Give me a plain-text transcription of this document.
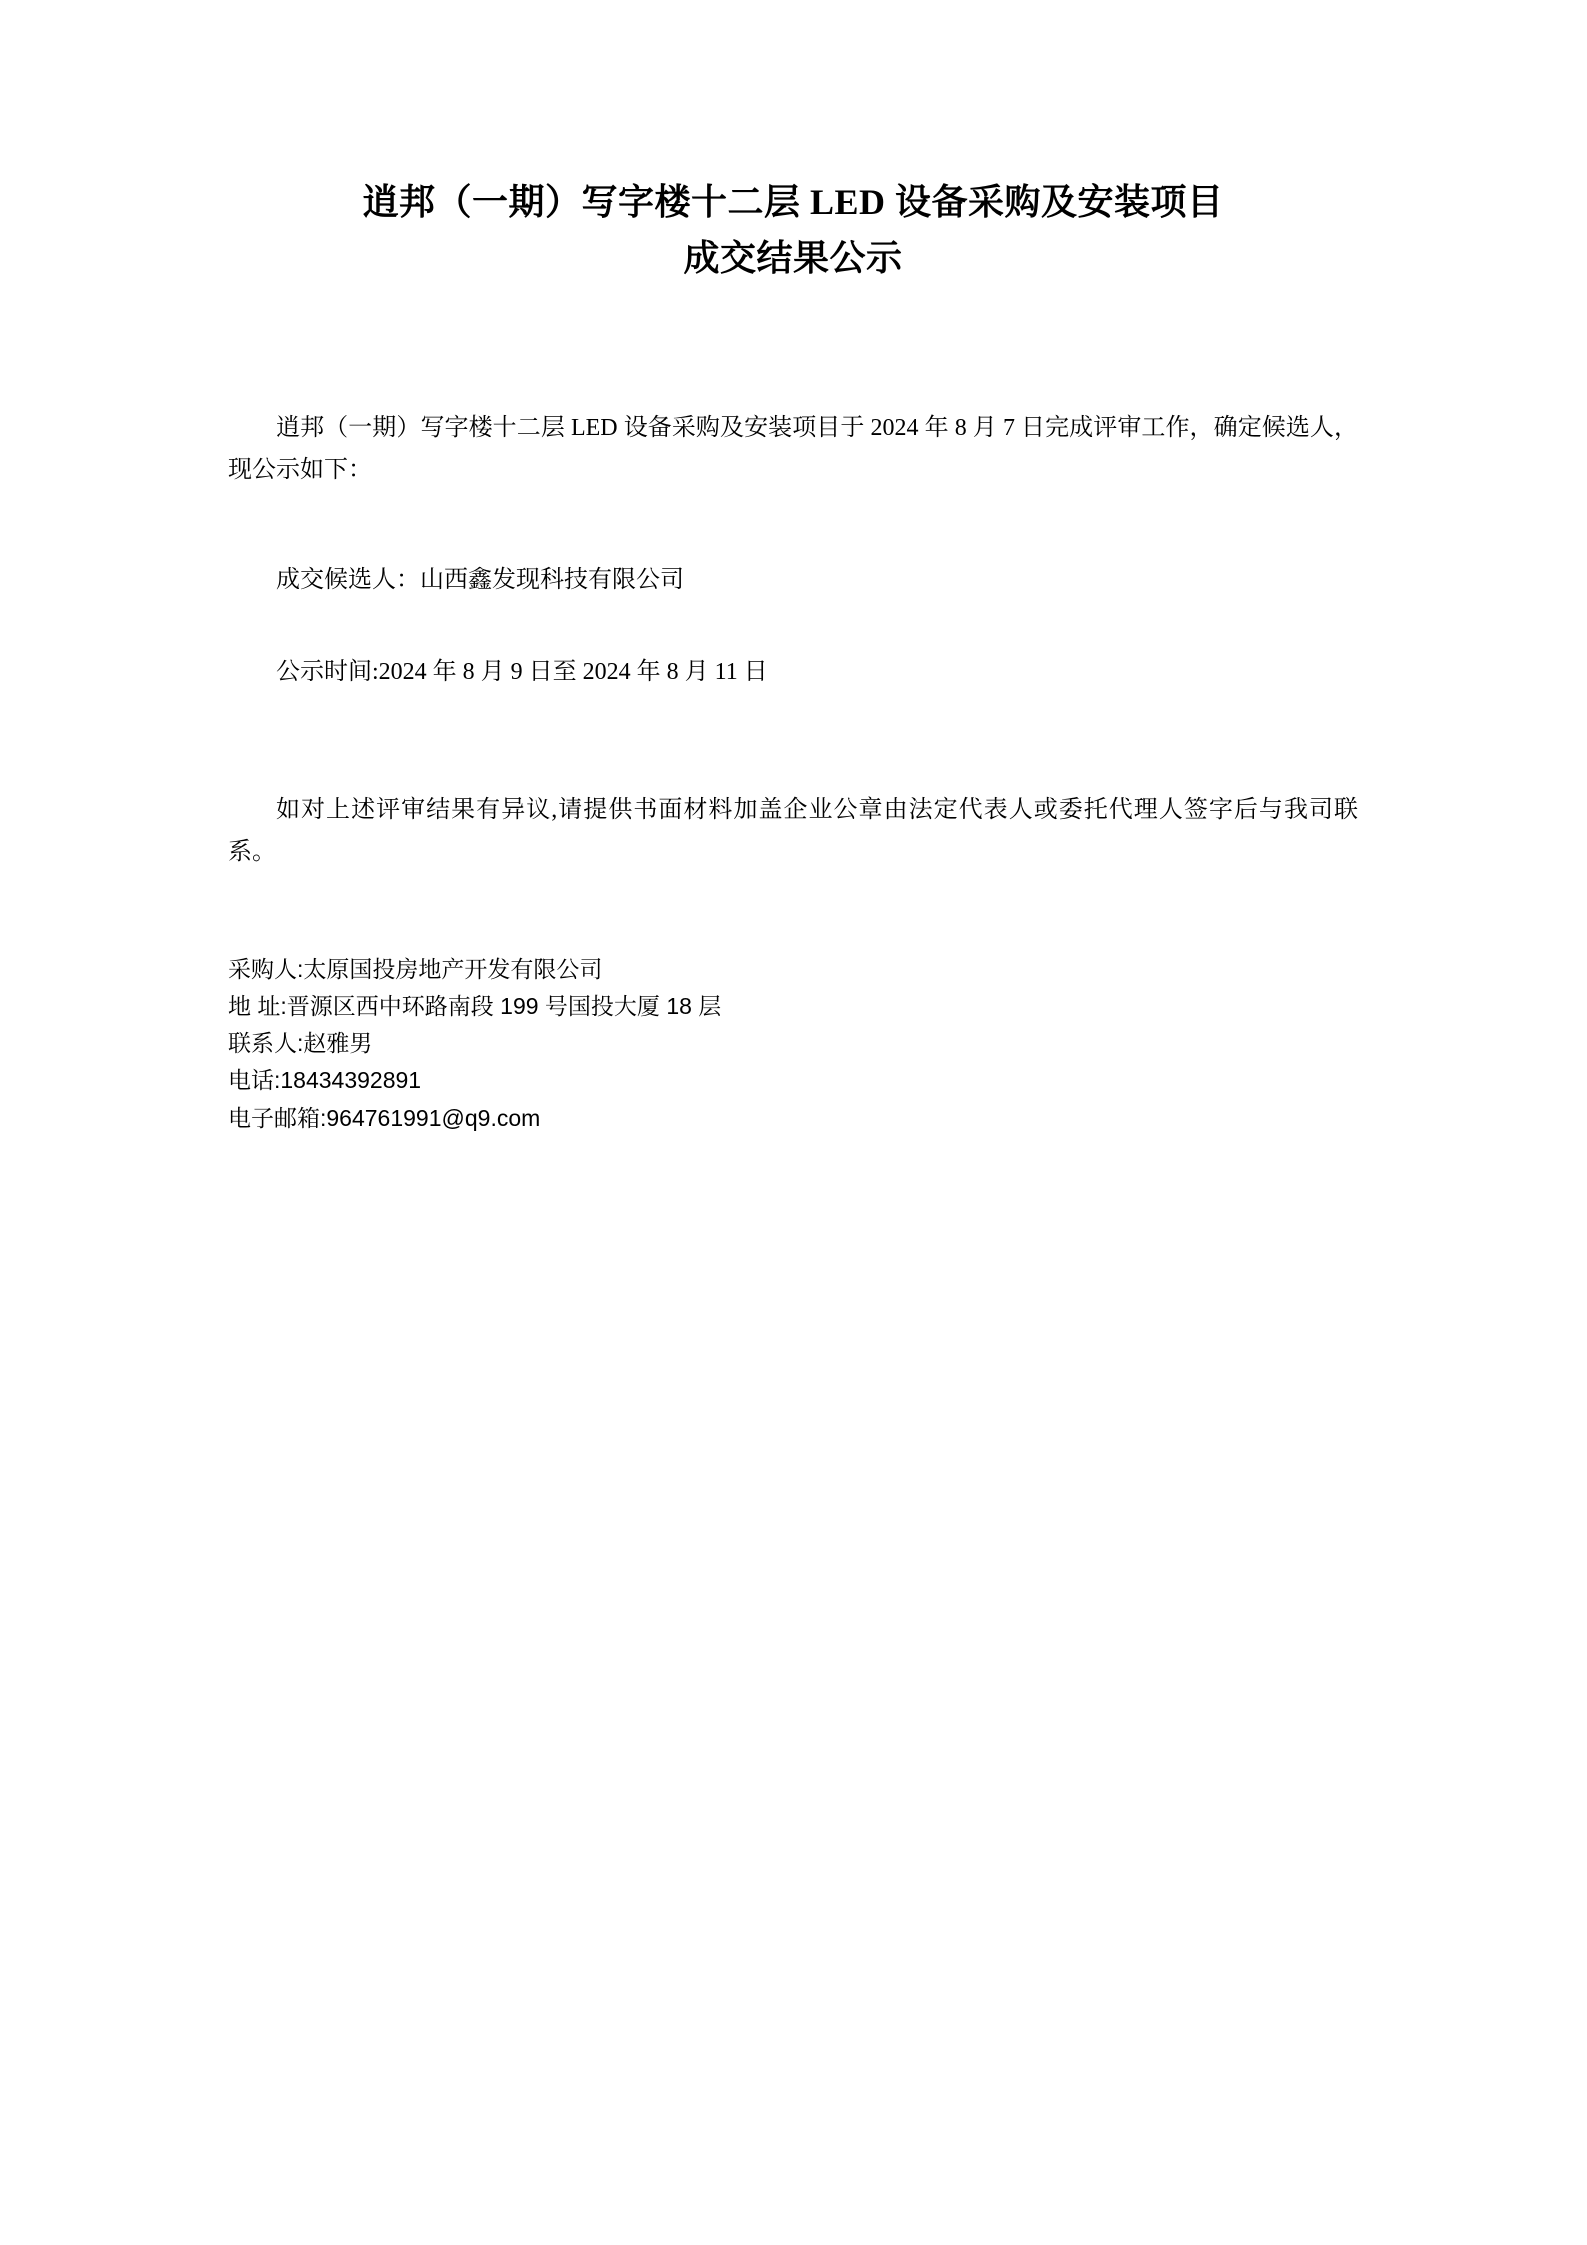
逍邦（一期）写字楼十二层 LED 设备采购及安装项目
成交结果公示

逍邦（一期）写字楼十二层 LED 设备采购及安装项目于 2024 年 8 月 7 日完成评审工作，确定候选人，现公示如下：

成交候选人：山西鑫发现科技有限公司

公示时间:2024 年 8 月 9 日至 2024 年 8 月 11 日

如对上述评审结果有异议,请提供书面材料加盖企业公章由法定代表人或委托代理人签字后与我司联系。

采购人:太原国投房地产开发有限公司

地 址:晋源区西中环路南段 199 号国投大厦 18 层

联系人:赵雅男

电话:18434392891

电子邮箱:964761991@q9.com
